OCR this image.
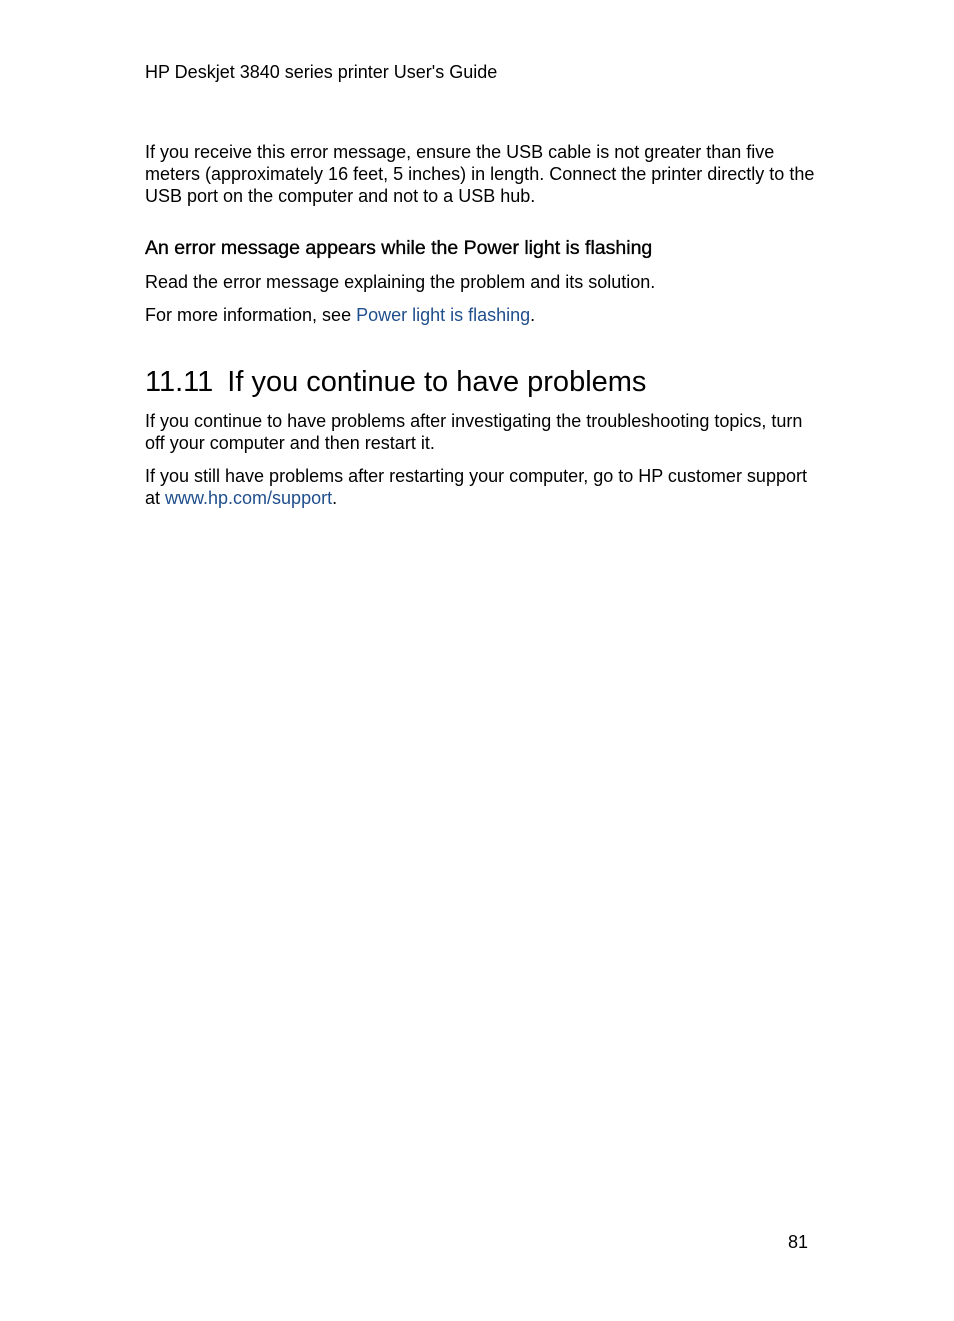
HP Deskjet 3840 series printer User's Guide

If you receive this error message, ensure the USB cable is not greater than five meters (approximately 16 feet, 5 inches) in length. Connect the printer directly to the USB port on the computer and not to a USB hub.

An error message appears while the Power light is flashing

Read the error message explaining the problem and its solution.

For more information, see Power light is flashing.

11.11 If you continue to have problems

If you continue to have problems after investigating the troubleshooting topics, turn off your computer and then restart it.

If you still have problems after restarting your computer, go to HP customer support at www.hp.com/support.

81
